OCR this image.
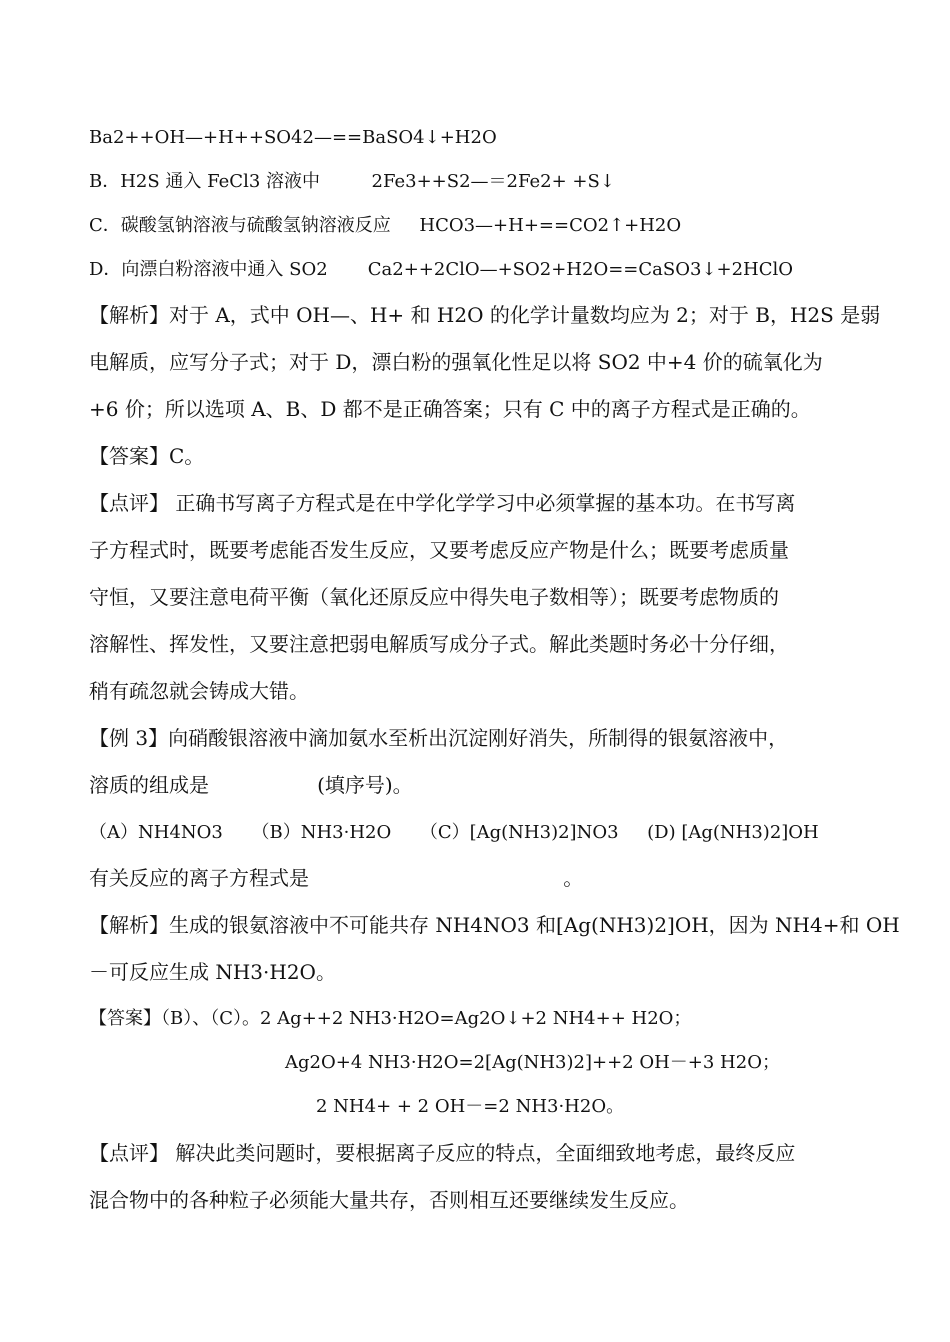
Ba2++OH—+H++SO42—==BaSO4↓+H2O
B．H2S 通入 FeCl3 溶液中         2Fe3++S2—＝2Fe2+ +S↓
C．碳酸氢钠溶液与硫酸氢钠溶液反应     HCO3—+H+==CO2↑+H2O
D．向漂白粉溶液中通入 SO2       Ca2++2ClO—+SO2+H2O==CaSO3↓+2HClO
【解析】对于 A，式中 OH—、H+ 和 H2O 的化学计量数均应为 2；对于 B，H2S 是弱
电解质，应写分子式；对于 D，漂白粉的强氧化性足以将 SO2 中+4 价的硫氧化为
+6 价；所以选项 A、B、D 都不是正确答案；只有 C 中的离子方程式是正确的。
【答案】C。
【点评】 正确书写离子方程式是在中学化学学习中必须掌握的基本功。在书写离
子方程式时，既要考虑能否发生反应，又要考虑反应产物是什么；既要考虑质量
守恒，又要注意电荷平衡（氧化还原反应中得失电子数相等）；既要考虑物质的
溶解性、挥发性，又要注意把弱电解质写成分子式。解此类题时务必十分仔细，
稍有疏忽就会铸成大错。
【例 3】向硝酸银溶液中滴加氨水至析出沉淀刚好消失，所制得的银氨溶液中，
溶质的组成是                 (填序号)。
（A）NH4NO3     （B）NH3·H2O     （C）[Ag(NH3)2]NO3     (D) [Ag(NH3)2]OH
有关反应的离子方程式是                                        。
【解析】生成的银氨溶液中不可能共存 NH4NO3 和[Ag(NH3)2]OH，因为 NH4+和 OH
－可反应生成 NH3·H2O。
【答案】（B）、（C）。2 Ag++2 NH3·H2O=Ag2O↓+2 NH4++ H2O；
Ag2O+4 NH3·H2O=2[Ag(NH3)2]++2 OH－+3 H2O；
2 NH4+ + 2 OH－=2 NH3·H2O。
【点评】 解决此类问题时，要根据离子反应的特点，全面细致地考虑，最终反应
混合物中的各种粒子必须能大量共存，否则相互还要继续发生反应。
